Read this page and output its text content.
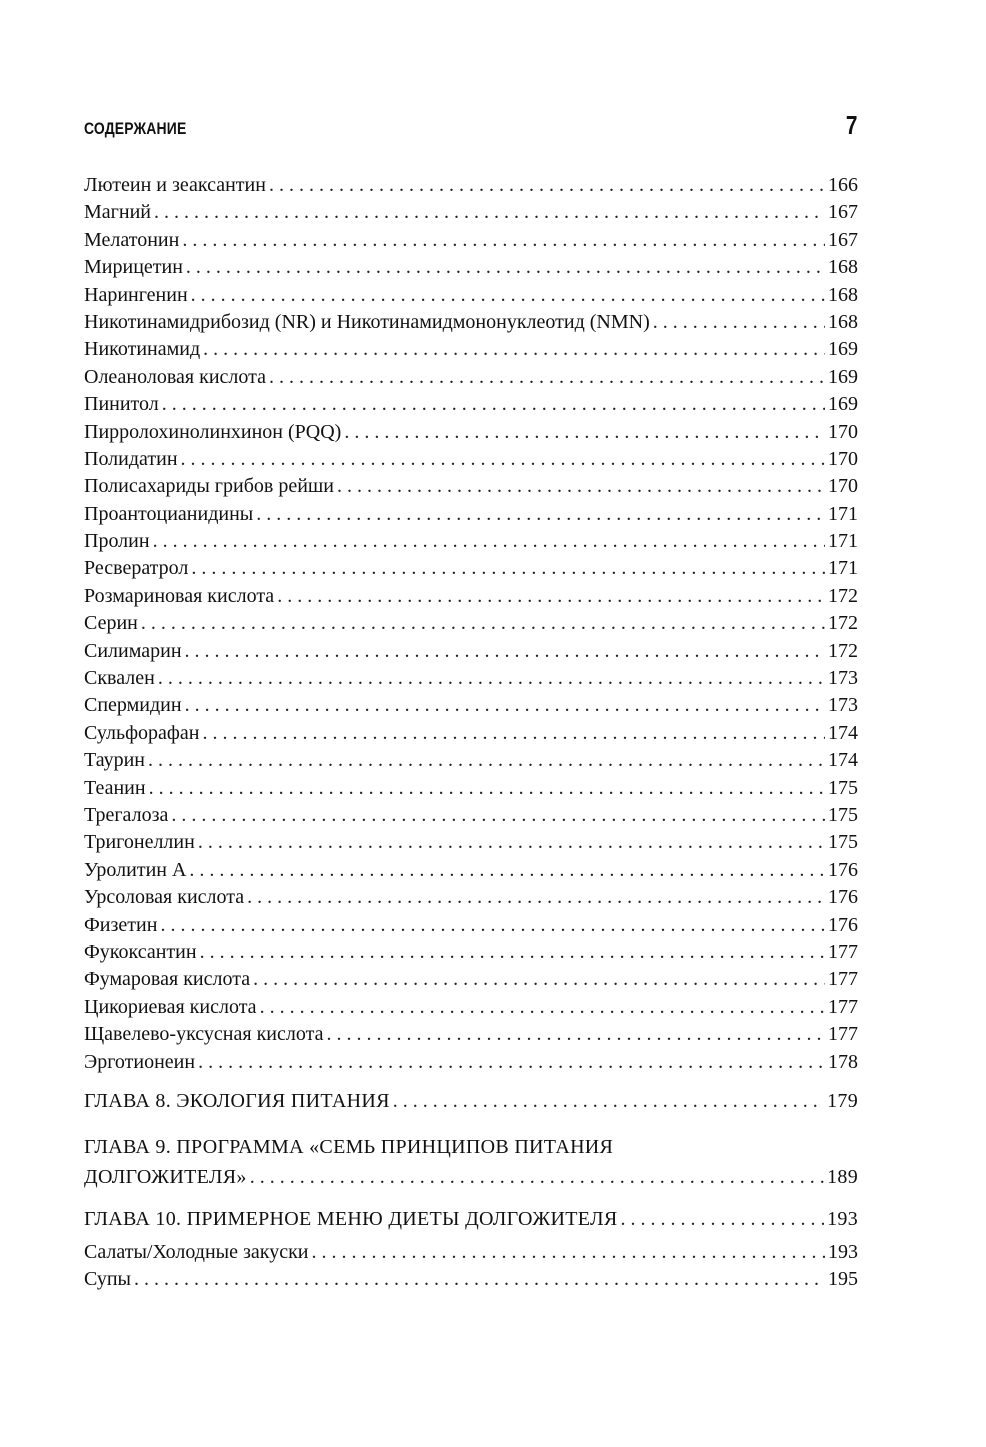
СОДЕРЖАНИЕ	7
Лютеин и зеаксантин . . .	166
Магний . . .	167
Мелатонин . . .	167
Мирицетин . . .	168
Нарингенин . . .	168
Никотинамидрибозид (NR) и Никотинамидмононуклеотид (NMN) . . .	168
Никотинамид . . .	169
Олеаноловая кислота . . .	169
Пинитол . . .	169
Пирролохинолинхинон (PQQ) . . .	170
Полидатин . . .	170
Полисахариды грибов рейши . . .	170
Проантоцианидины . . .	171
Пролин . . .	171
Ресвератрол . . .	171
Розмариновая кислота . . .	172
Серин . . .	172
Силимарин . . .	172
Сквален . . .	173
Спермидин . . .	173
Сульфорафан . . .	174
Таурин . . .	174
Теанин . . .	175
Трегалоза . . .	175
Тригонеллин . . .	175
Уролитин А . . .	176
Урсоловая кислота . . .	176
Физетин . . .	176
Фукоксантин . . .	177
Фумаровая кислота . . .	177
Цикориевая кислота . . .	177
Щавелево-уксусная кислота . . .	177
Эрготионеин . . .	178
ГЛАВА 8. ЭКОЛОГИЯ ПИТАНИЯ . . .	179
ГЛАВА 9. ПРОГРАММА «СЕМЬ ПРИНЦИПОВ ПИТАНИЯ
ДОЛГОЖИТЕЛЯ» . . .	189
ГЛАВА 10. ПРИМЕРНОЕ МЕНЮ ДИЕТЫ ДОЛГОЖИТЕЛЯ . . .	193
Салаты/Холодные закуски . . .	193
Супы . . .	195
